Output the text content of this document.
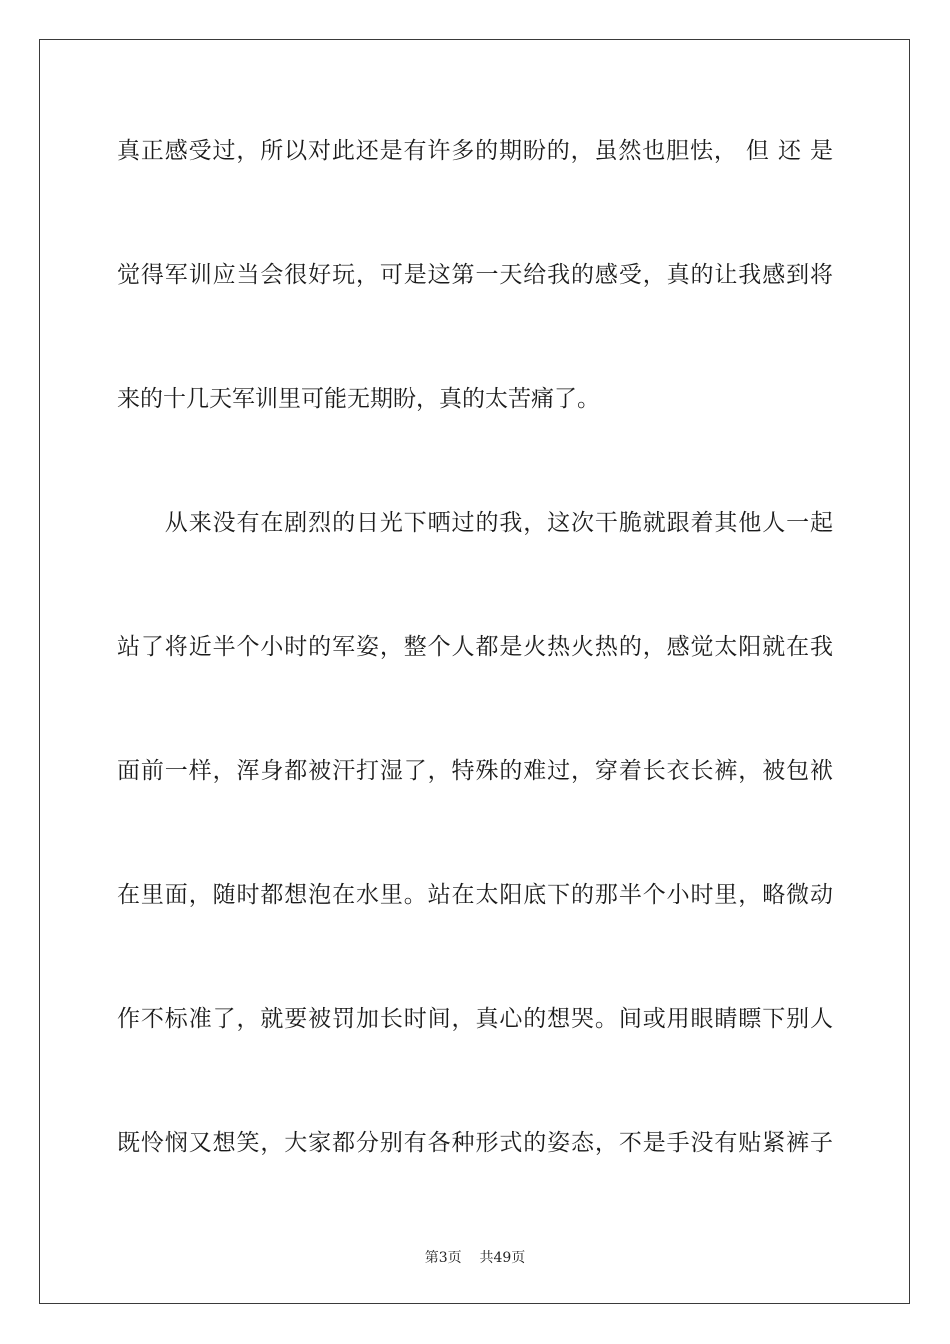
真正感受过，所以对此还是有许多的期盼的，虽然也胆怯， 但 还 是
觉得军训应当会很好玩，可是这第一天给我的感受，真的让我感到将
来的十几天军训里可能无期盼，真的太苦痛了。
　　从来没有在剧烈的日光下晒过的我，这次干脆就跟着其他人一起
站了将近半个小时的军姿，整个人都是火热火热的，感觉太阳就在我
面前一样，浑身都被汗打湿了，特殊的难过，穿着长衣长裤，被包袱
在里面，随时都想泡在水里。站在太阳底下的那半个小时里，略微动
作不标准了，就要被罚加长时间，真心的想哭。间或用眼睛瞟下别人
既怜悯又想笑，大家都分别有各种形式的姿态，不是手没有贴紧裤子
第3页 共49页
